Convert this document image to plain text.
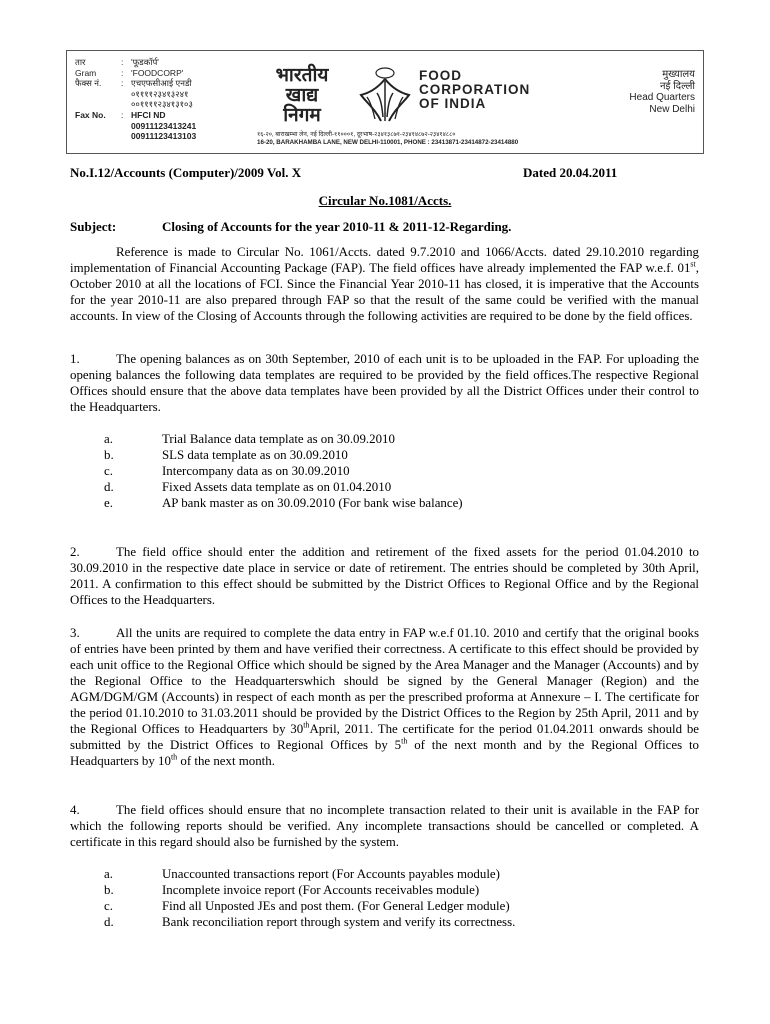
तार	: 'फूडकॉर्प'
Gram	: 'FOODCORP'
फैक्स नं.	: एचएफसीआई एनडी
०११११२३४१३२४१
००११११२३४१३१०३
Fax No.	: HFCI ND
00911123413241
00911123413103
भारतीय
खाद्य
निगम
FOOD
CORPORATION
OF INDIA
मुख्यालय
नई दिल्ली
Head Quarters
New Delhi
१६-२०, बाराखम्भा लेन, नई दिल्ली-११०००१, दूरभाष-२३४१३८७१-२३४१४८७२-२३४१४८८०
16-20, BARAKHAMBA LANE, NEW DELHI-110001, PHONE : 23413871-23414872-23414880
No.I.12/Accounts (Computer)/2009 Vol. X	Dated 20.04.2011
Circular No.1081/Accts.
Subject:	Closing of Accounts for the year 2010-11 & 2011-12-Regarding.

Reference is made to Circular No. 1061/Accts. dated 9.7.2010 and 1066/Accts. dated 29.10.2010 regarding implementation of Financial Accounting Package (FAP). The field offices have already implemented the FAP w.e.f. 01st, October 2010 at all the locations of FCI. Since the Financial Year 2010-11 has closed, it is imperative that the Accounts for the year 2010-11 are also prepared through FAP so that the result of the same could be verified with the manual accounts. In view of the Closing of Accounts through the following activities are required to be done by the field offices.

1.	The opening balances as on 30th September, 2010 of each unit is to be uploaded in the FAP. For uploading the opening balances the following data templates are required to be provided by the field offices.The respective Regional Offices should ensure that the above data templates have been provided by all the District Offices under their control to the Headquarters.

a.	Trial Balance data template as on 30.09.2010
b.	SLS data template as on 30.09.2010
c.	Intercompany data as on 30.09.2010
d.	Fixed Assets data template as on 01.04.2010
e.	AP bank master as on 30.09.2010 (For bank wise balance)

2.	The field office should enter the addition and retirement of the fixed assets for the period 01.04.2010 to 30.09.2010 in the respective date place in service or date of retirement. The entries should be completed by 30th April, 2011. A confirmation to this effect should be submitted by the District Offices to Regional Office and by the Regional Offices to the Headquarters.

3.	All the units are required to complete the data entry in FAP w.e.f 01.10. 2010 and certify that the original books of entries have been printed by them and have verified their correctness. A certificate to this effect should be provided by each unit office to the Regional Office which should be signed by the Area Manager and the Manager (Accounts) and by the Regional Office to the Headquarterswhich should be signed by the General Manager (Region) and the AGM/DGM/GM (Accounts) in respect of each month as per the prescribed proforma at Annexure – I. The certificate for the period 01.10.2010 to 31.03.2011 should be provided by the District Offices to the Region by 25th April, 2011 and by the Regional Offices to Headquarters by 30thApril, 2011. The certificate for the period 01.04.2011 onwards should be submitted by the District Offices to Regional Offices by 5th of the next month and by the Regional Offices to Headquarters by 10th of the next month.

4.	The field offices should ensure that no incomplete transaction related to their unit is available in the FAP for which the following reports should be verified. Any incomplete transactions should be cancelled or completed. A certificate in this regard should also be furnished by the system.

a.	Unaccounted transactions report (For Accounts payables module)
b.	Incomplete invoice report (For Accounts receivables module)
c.	Find all Unposted JEs and post them. (For General Ledger module)
d.	Bank reconciliation report through system and verify its correctness.
